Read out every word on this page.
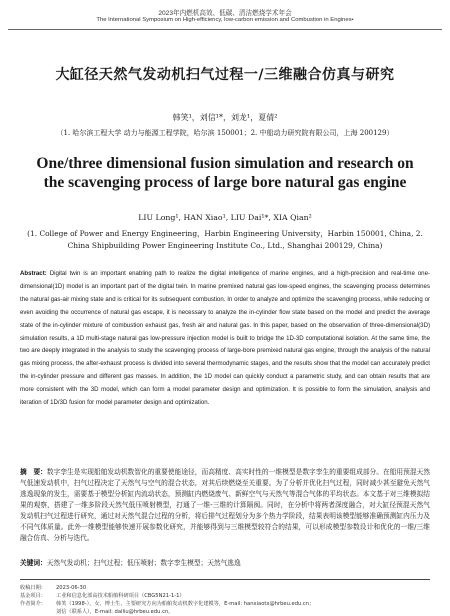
2023年内燃机高效、低碳、清洁燃烧学术年会
The International Symposium on High-efficiency, low-carbon emission and Combustion in Engines•
大缸径天然气发动机扫气过程一/三维融合仿真与研究
韩笑¹，刘信¹*，刘龙¹，夏倩²
（1. 哈尔滨工程大学 动力与能源工程学院，哈尔滨 150001；2. 中船动力研究院有限公司，上海 200129）
One/three dimensional fusion simulation and research on the scavenging process of large bore natural gas engine
LIU Long¹, HAN Xiao¹, LIU Dai¹*, XIA Qian²
(1. College of Power and Energy Engineering，Harbin Engineering University，Harbin 150001, China, 2. China Shipbuilding Power Engineering Institute Co., Ltd., Shanghai 200129, China)
Abstract: Digital twin is an important enabling path to realize the digital intelligence of marine engines, and a high-precision and real-time one-dimensional(1D) model is an important part of the digital twin. In marine premixed natural gas low-speed engines, the scavenging process determines the natural gas-air mixing state and is critical for its subsequent combustion. In order to analyze and optimize the scavenging process, while reducing or even avoiding the occurrence of natural gas escape, it is necessary to analyze the in-cylinder flow state based on the model and predict the average state of the in-cylinder mixture of combustion exhaust gas, fresh air and natural gas. In this paper, based on the observation of three-dimensional(3D) simulation results, a 1D multi-stage natural gas low-pressure injection model is built to bridge the 1D-3D computational isolation. At the same time, the two are deeply integrated in the analysis to study the scavenging process of large-bore premixed natural gas engine, through the analysis of the natural gas mixing process, the after-exhaust process is divided into several thermodynamic stages, and the results show that the model can accurately predict the in-cylinder pressure and different gas masses. In addition, the 1D model can quickly conduct a parametric study, and can obtain results that are more consistent with the 3D model, which can form a model parameter design and optimization. It is possible to form the simulation, analysis and iteration of 1D/3D fusion for model parameter design and optimization.
摘　要：数字孪生是实现船舶发动机数智化的重要使能途径，而高精度、高实时性的一维模型是数字孪生的重要组成部分。在船用预混天然气低速发动机中，扫气过程决定了天然气与空气的混合状态，对其后续燃烧至关重要。为了分析并优化扫气过程，同时减少甚至避免天然气逃逸现象的发生，需要基于模型分析缸内流动状态，预测缸内燃烧废气、新鲜空气与天然气等混合气体的平均状态。本文基于对三维模拟结果的观察，搭建了一维多阶段天然气低压喷射模型，打通了一维-三维的计算隔阂。同时，在分析中将两者深度融合，对大缸径预混天然气发动机扫气过程进行研究，通过对天然气混合过程的分析，将后排气过程划分为多个热力学阶段，结果表明该模型能够准确预测缸内压力及不同气体质量。此外一维模型能够快速开展参数化研究，并能够得到与三维模型较符合的结果，可以形成模型参数设计和优化的一维/三维融合仿真、分析与迭代。
关键词：天然气发动机；扫气过程；低压喷射；数字孪生模型；天然气逃逸
收稿日期： 2023-06-30
基金项目： 工业和信息化部高技术船舶科研项目（CBG5N21-1-1）
作者简介： 韩笑（1998-），女，博士生，主要研究方向为船舶发动机数字化建模等，E-mail: hanxiaotx@hrbeu.edu.cn；
刘信（联系人），E-mail: dailiu@hrbeu.edu.cn。
